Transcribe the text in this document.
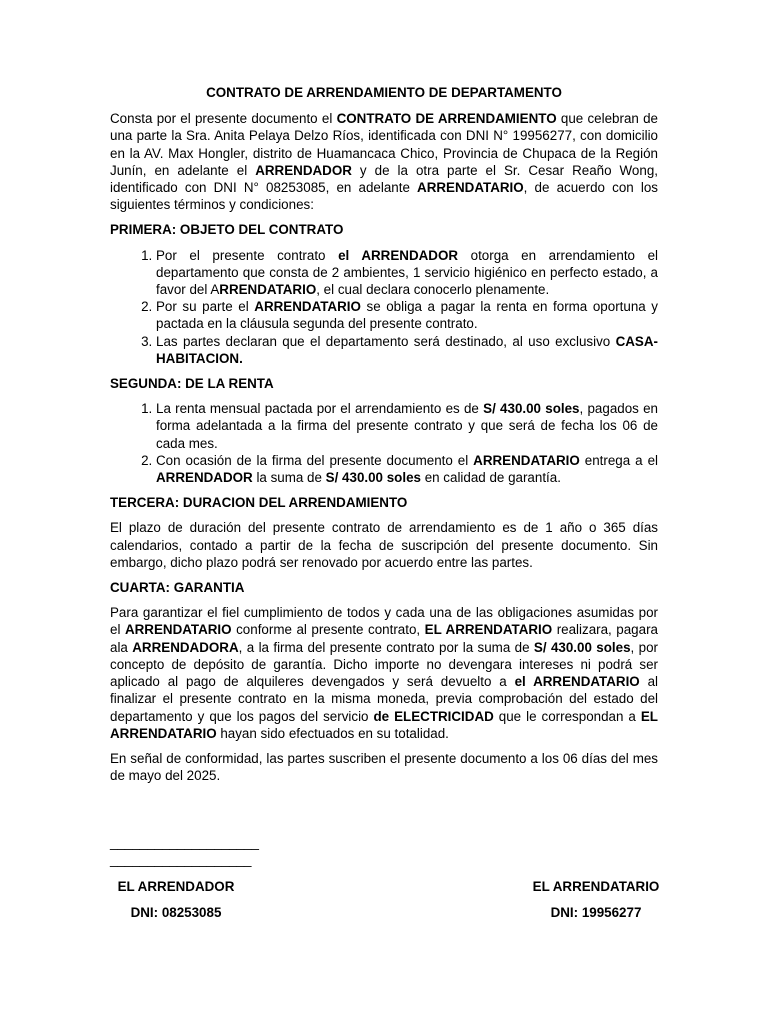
CONTRATO DE ARRENDAMIENTO DE DEPARTAMENTO

Consta por el presente documento el CONTRATO DE ARRENDAMIENTO que celebran de una parte la Sra. Anita Pelaya Delzo Ríos, identificada con DNI N° 19956277, con domicilio en la AV. Max Hongler, distrito de Huamancaca Chico, Provincia de Chupaca de la Región Junín, en adelante el ARRENDADOR y de la otra parte el Sr. Cesar Reaño Wong, identificado con DNI N° 08253085, en adelante ARRENDATARIO, de acuerdo con los siguientes términos y condiciones:

PRIMERA: OBJETO DEL CONTRATO
1. Por el presente contrato el ARRENDADOR otorga en arrendamiento el departamento que consta de 2 ambientes, 1 servicio higiénico en perfecto estado, a favor del ARRENDATARIO, el cual declara conocerlo plenamente.
2. Por su parte el ARRENDATARIO se obliga a pagar la renta en forma oportuna y pactada en la cláusula segunda del presente contrato.
3. Las partes declaran que el departamento será destinado, al uso exclusivo CASA-HABITACION.
SEGUNDA: DE LA RENTA
1. La renta mensual pactada por el arrendamiento es de S/ 430.00 soles, pagados en forma adelantada a la firma del presente contrato y que será de fecha los 06 de cada mes.
2. Con ocasión de la firma del presente documento el ARRENDATARIO entrega a el ARRENDADOR la suma de S/ 430.00 soles en calidad de garantía.
TERCERA: DURACION DEL ARRENDAMIENTO

El plazo de duración del presente contrato de arrendamiento es de 1 año o 365 días calendarios, contado a partir de la fecha de suscripción del presente documento. Sin embargo, dicho plazo podrá ser renovado por acuerdo entre las partes.

CUARTA: GARANTIA

Para garantizar el fiel cumplimiento de todos y cada una de las obligaciones asumidas por el ARRENDATARIO conforme al presente contrato, EL ARRENDATARIO realizara, pagara ala ARRENDADORA, a la firma del presente contrato por la suma de S/ 430.00 soles, por concepto de depósito de garantía. Dicho importe no devengara intereses ni podrá ser aplicado al pago de alquileres devengados y será devuelto a el ARRENDATARIO al finalizar el presente contrato en la misma moneda, previa comprobación del estado del departamento y que los pagos del servicio de ELECTRICIDAD que le correspondan a EL ARRENDATARIO hayan sido efectuados en su totalidad.

En señal de conformidad, las partes suscriben el presente documento a los 06 días del mes de mayo del 2025.

____________________
___________________
EL ARRENDADOR
DNI: 08253085
EL ARRENDATARIO
DNI: 19956277
